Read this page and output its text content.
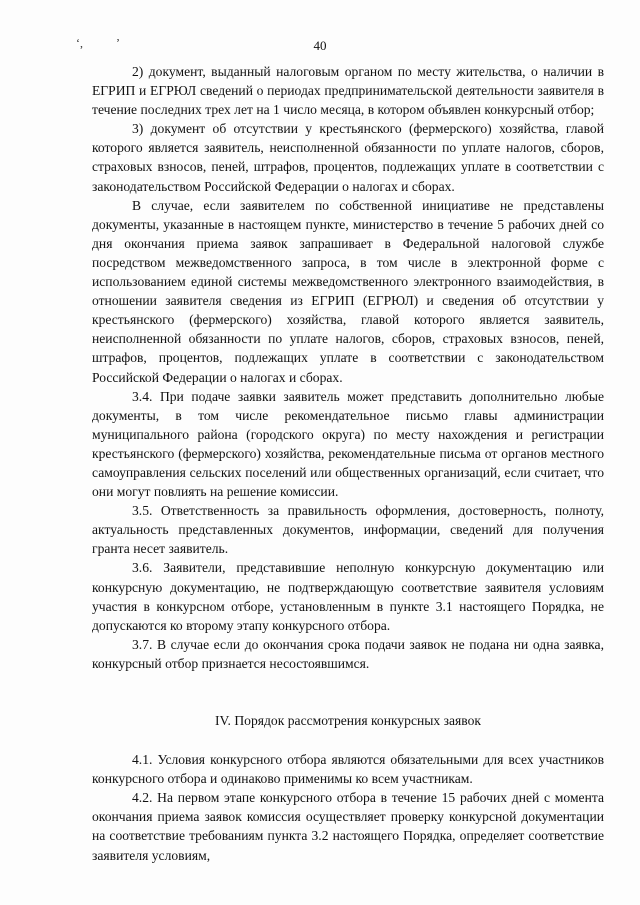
ʻ,	ʼ	40

2) документ, выданный налоговым органом по месту жительства, о наличии в ЕГРИП и ЕГРЮЛ сведений о периодах предпринимательской деятельности заявителя в течение последних трех лет на 1 число месяца, в котором объявлен конкурсный отбор;

3) документ об отсутствии у крестьянского (фермерского) хозяйства, главой которого является заявитель, неисполненной обязанности по уплате налогов, сборов, страховых взносов, пеней, штрафов, процентов, подлежащих уплате в соответствии с законодательством Российской Федерации о налогах и сборах.

В случае, если заявителем по собственной инициативе не представлены документы, указанные в настоящем пункте, министерство в течение 5 рабочих дней со дня окончания приема заявок запрашивает в Федеральной налоговой службе посредством межведомственного запроса, в том числе в электронной форме с использованием единой системы межведомственного электронного взаимодействия, в отношении заявителя сведения из ЕГРИП (ЕГРЮЛ) и сведения об отсутствии у крестьянского (фермерского) хозяйства, главой которого является заявитель, неисполненной обязанности по уплате налогов, сборов, страховых взносов, пеней, штрафов, процентов, подлежащих уплате в соответствии с законодательством Российской Федерации о налогах и сборах.

3.4. При подаче заявки заявитель может представить дополнительно любые документы, в том числе рекомендательное письмо главы администрации муниципального района (городского округа) по месту нахождения и регистрации крестьянского (фермерского) хозяйства, рекомендательные письма от органов местного самоуправления сельских поселений или общественных организаций, если считает, что они могут повлиять на решение комиссии.

3.5. Ответственность за правильность оформления, достоверность, полноту, актуальность представленных документов, информации, сведений для получения гранта несет заявитель.

3.6. Заявители, представившие неполную конкурсную документацию или конкурсную документацию, не подтверждающую соответствие заявителя условиям участия в конкурсном отборе, установленным в пункте 3.1 настоящего Порядка, не допускаются ко второму этапу конкурсного отбора.

3.7. В случае если до окончания срока подачи заявок не подана ни одна заявка, конкурсный отбор признается несостоявшимся.

IV. Порядок рассмотрения конкурсных заявок

4.1. Условия конкурсного отбора являются обязательными для всех участников конкурсного отбора и одинаково применимы ко всем участникам.

4.2. На первом этапе конкурсного отбора в течение 15 рабочих дней с момента окончания приема заявок комиссия осуществляет проверку конкурсной документации на соответствие требованиям пункта 3.2 настоящего Порядка, определяет соответствие заявителя условиям,
